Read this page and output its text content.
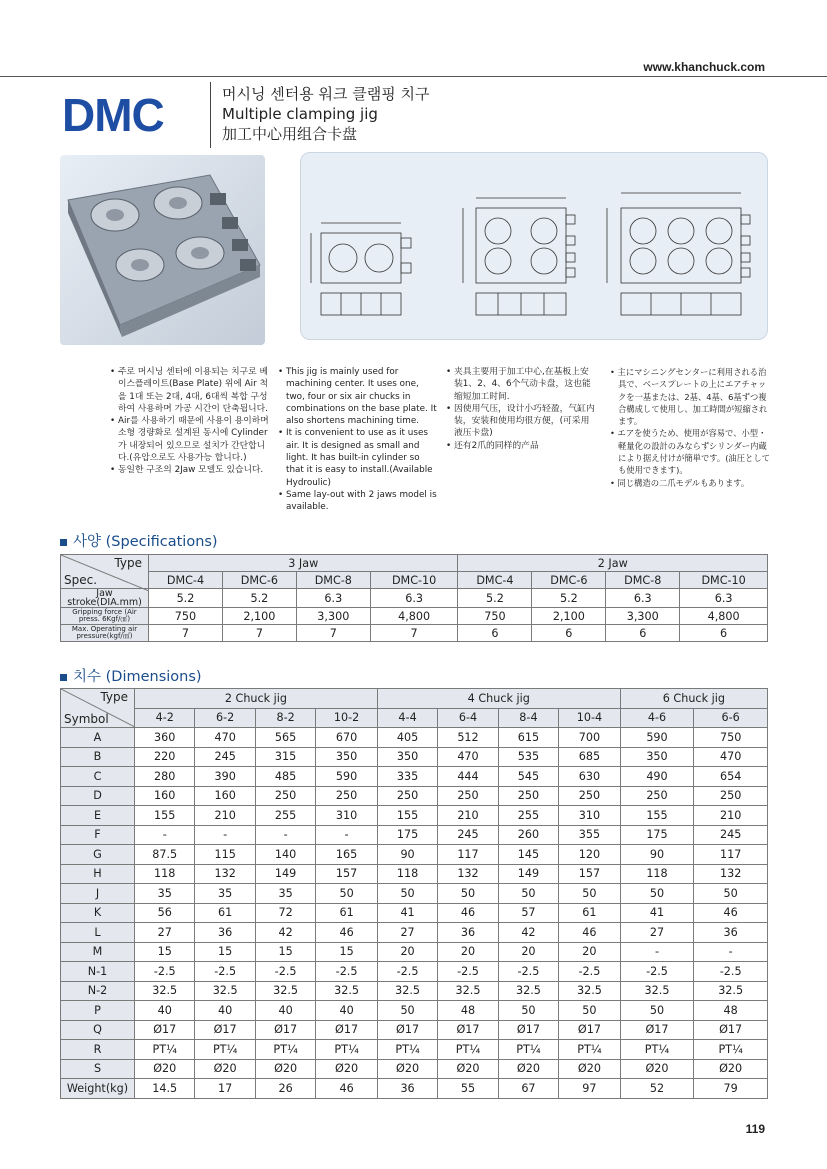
www.khanchuck.com
DMC	머시닝 센터용 워크 클램핑 치구
Multiple clamping jig
加工中心用组合卡盘
• 주로 머시닝 센터에 이용되는 치구로 베이스플레이트(Base Plate) 위에 Air 척을 1대 또는 2대, 4대, 6대씩 복합 구성하여 사용하며 가공 시간이 단축됩니다.
• Air를 사용하기 때문에 사용이 용이하며 소형 경량화로 설계된 동시에 Cylinder가 내장되어 있으므로 설치가 간단합니다.(유압으로도 사용가능 합니다.)
• 동일한 구조의 2Jaw 모델도 있습니다.
• This jig is mainly used for machining center. It uses one, two, four or six air chucks in combinations on the base plate. It also shortens machining time.
• It is convenient to use as it uses air. It is designed as small and light. It has built-in cylinder so that it is easy to install.(Available Hydroulic)
• Same lay-out with 2 jaws model is available.
• 夹具主要用于加工中心,在基板上安装1、2、4、6个气动卡盘，这也能缩短加工时间.
• 因使用气压，设计小巧轻盈，气缸内装，安装和使用均很方便，(可采用液压卡盘)
• 还有2爪的同样的产品
• 主にマシニングセンターに利用される治具で、ベースプレートの上にエアチャックを一基または、2基、4基、6基ずつ複合構成して使用し、加工時間が短縮されます。
• エアを使うため、使用が容易で、小型・軽量化の設計のみならずシリンダー内蔵により据え付けが簡単です。(油圧としても使用できます)。
• 同じ構造の二爪モデルもあります。
사양 (Specifications)
Type
Spec.	3 Jaw				2 Jaw			
	DMC-4	DMC-6	DMC-8	DMC-10	DMC-4	DMC-6	DMC-8	DMC-10
Jaw stroke(DIA.mm)	5.2	5.2	6.3	6.3	5.2	5.2	6.3	6.3
Gripping force (Air press. 6Kgf/㎠)	750	2,100	3,300	4,800	750	2,100	3,300	4,800
Max. Operating air pressure(kgf/㎠)	7	7	7	7	6	6	6	6
치수 (Dimensions)
Type
Symbol	2 Chuck jig				4 Chuck jig				6 Chuck jig	
	4-2	6-2	8-2	10-2	4-4	6-4	8-4	10-4	4-6	6-6
A	360	470	565	670	405	512	615	700	590	750
B	220	245	315	350	350	470	535	685	350	470
C	280	390	485	590	335	444	545	630	490	654
D	160	160	250	250	250	250	250	250	250	250
E	155	210	255	310	155	210	255	310	155	210
F	-	-	-	-	175	245	260	355	175	245
G	87.5	115	140	165	90	117	145	120	90	117
H	118	132	149	157	118	132	149	157	118	132
J	35	35	35	50	50	50	50	50	50	50
K	56	61	72	61	41	46	57	61	41	46
L	27	36	42	46	27	36	42	46	27	36
M	15	15	15	15	20	20	20	20	-	-
N-1	-2.5	-2.5	-2.5	-2.5	-2.5	-2.5	-2.5	-2.5	-2.5	-2.5
N-2	32.5	32.5	32.5	32.5	32.5	32.5	32.5	32.5	32.5	32.5
P	40	40	40	40	50	48	50	50	50	48
Q	Ø17	Ø17	Ø17	Ø17	Ø17	Ø17	Ø17	Ø17	Ø17	Ø17
R	PT¼	PT¼	PT¼	PT¼	PT¼	PT¼	PT¼	PT¼	PT¼	PT¼
S	Ø20	Ø20	Ø20	Ø20	Ø20	Ø20	Ø20	Ø20	Ø20	Ø20
Weight(kg)	14.5	17	26	46	36	55	67	97	52	79
119
